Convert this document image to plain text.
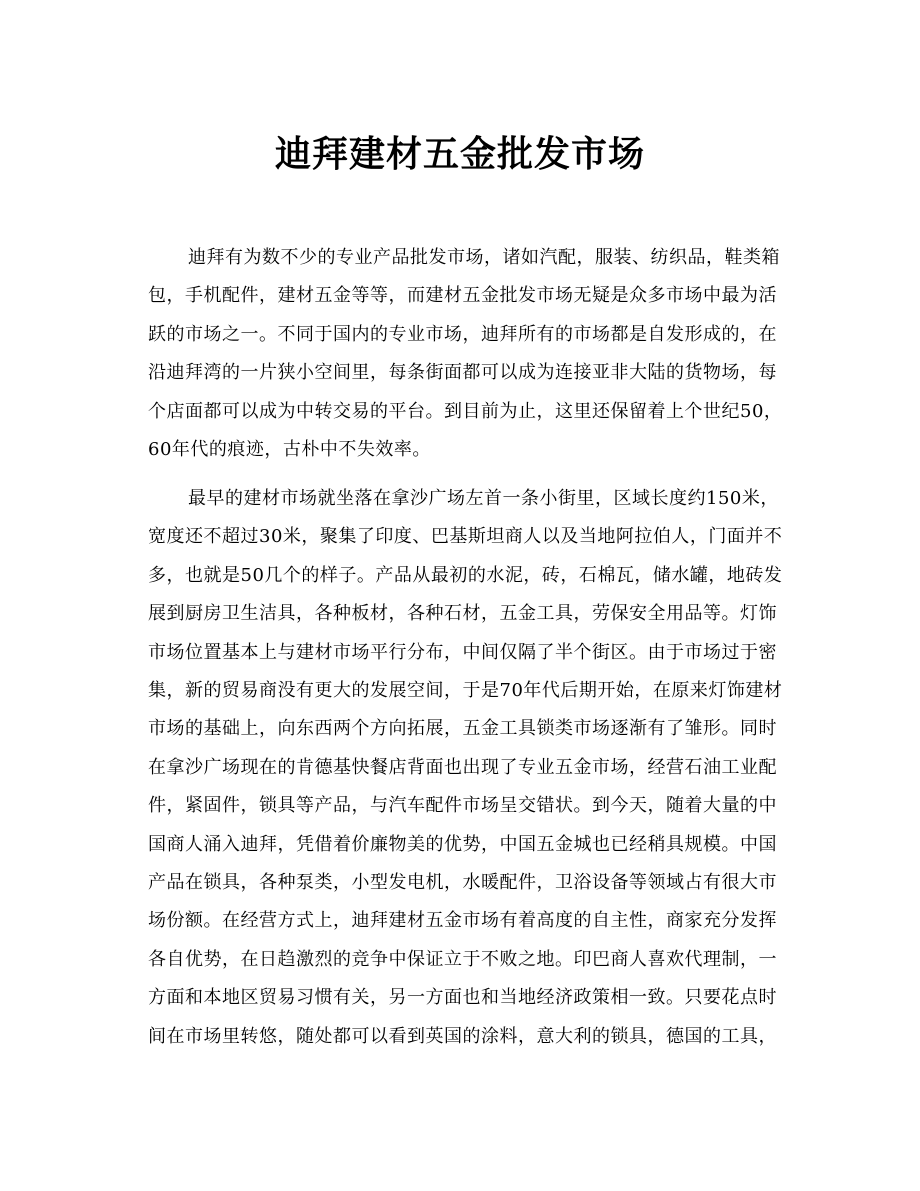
迪拜建材五金批发市场
迪拜有为数不少的专业产品批发市场，诸如汽配，服装、纺织品，鞋类箱
包，手机配件，建材五金等等，而建材五金批发市场无疑是众多市场中最为活
跃的市场之一。不同于国内的专业市场，迪拜所有的市场都是自发形成的，在
沿迪拜湾的一片狭小空间里，每条街面都可以成为连接亚非大陆的货物场，每
个店面都可以成为中转交易的平台。到目前为止，这里还保留着上个世纪50，
60年代的痕迹，古朴中不失效率。
最早的建材市场就坐落在拿沙广场左首一条小街里，区域长度约150米，
宽度还不超过30米，聚集了印度、巴基斯坦商人以及当地阿拉伯人，门面并不
多，也就是50几个的样子。产品从最初的水泥，砖，石棉瓦，储水罐，地砖发
展到厨房卫生洁具，各种板材，各种石材，五金工具，劳保安全用品等。灯饰
市场位置基本上与建材市场平行分布，中间仅隔了半个街区。由于市场过于密
集，新的贸易商没有更大的发展空间，于是70年代后期开始，在原来灯饰建材
市场的基础上，向东西两个方向拓展，五金工具锁类市场逐渐有了雏形。同时
在拿沙广场现在的肯德基快餐店背面也出现了专业五金市场，经营石油工业配
件，紧固件，锁具等产品，与汽车配件市场呈交错状。到今天，随着大量的中
国商人涌入迪拜，凭借着价廉物美的优势，中国五金城也已经稍具规模。中国
产品在锁具，各种泵类，小型发电机，水暖配件，卫浴设备等领域占有很大市
场份额。在经营方式上，迪拜建材五金市场有着高度的自主性，商家充分发挥
各自优势，在日趋激烈的竞争中保证立于不败之地。印巴商人喜欢代理制，一
方面和本地区贸易习惯有关，另一方面也和当地经济政策相一致。只要花点时
间在市场里转悠，随处都可以看到英国的涂料，意大利的锁具，德国的工具，
